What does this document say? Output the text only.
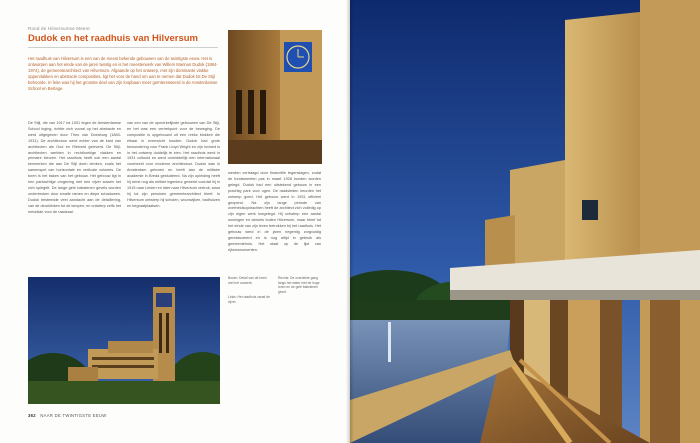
Rond de Hilversumse Meent
Dudok en het raadhuis van Hilversum
Het raadhuis van Hilversum is een van de meest bekende gebouwen van de twintigste eeuw. Het is ontworpen aan het einde van de jaren twintig en is het meesterwerk van Willem Marinus Dudok (1884-1974), de gemeentearchitect van Hilversum. Afgaande op het ontwerp, met zijn dominante vlakke oppervlakken en abstracte composities, ligt het voor de hand om aan te nemen dat Dudok tot De Stijl behoorde. In feite was hij het grootste deel van zijn loopbaan meer geïnteresseerd in de Amsterdamse School en Berlage.
De Stijl, die van 1917 tot 1931 tegen de Amsterdamse School inging, richtte zich vooral op het abstracte en werd uitgegeven door Theo van Doesburg (1883-1931). De architectuur werd echter van de kant van architecten als Oud en Rietveld geleverd. De Stijl-architecten werkten in rechthoekige vlakken en primaire kleuren. Het raadhuis heeft ook een aantal kenmerken die aan De Stijl doen denken, zoals het samenspel van horizontale en verticale volumes. De toren is het baken van het gebouw. Het gebouw ligt in een parkachtige omgeving met een vijver waarin het zich spiegelt. De lange gele bakstenen gevels worden onderbroken door smalle ramen en diepe schaduwen. Dudok besteedde veel aandacht aan de detaillering, van de deurklinken tot de lampen, en ontwierp zelfs het meubilair voor de raadzaal.
van een van de opmerkelijkste gebouwen van De Stijl, en het was een vertrekpunt voor de beweging. De compositie is opgebouwd uit een reeks blokken die elkaar in evenwicht houden. Dudok had grote bewondering voor Frank Lloyd Wright en zijn invloed is in het ontwerp duidelijk te zien. Het raadhuis werd in 1931 voltooid en werd onmiddellijk een internationaal voorbeeld voor moderne architectuur. Dudok was in Amsterdam geboren en heeft aan de militaire academie in Breda gestudeerd. Na zijn opleiding heeft hij eerst nog als militair ingenieur gewerkt voordat hij in 1915 naar Leiden en later naar Hilversum vertrok, waar hij tot zijn pensioen gemeentearchitect bleef. In Hilversum ontwierp hij scholen, woonwijken, badhuizen en begraafplaatsen.
Boven: Detail van de toren met het uurwerk.
Links: Het raadhuis vanaf de vijver.
Rechts: De overdekte gang langs het water met de hoge toren en de gele bakstenen gevel.
werden vertraagd door financiële tegenslagen, zodat de fundamenten pas in maart 1928 konden worden gelegd. Dudok had een uitstekend gebouw in een prachtig park voor ogen. De raadsleden keurden het ontwerp goed. Het gebouw werd in 1931 officieel geopend. Na zijn lange periode van overheidsopdrachten heeft de architect zich volledig op zijn eigen werk toegelegd. Hij ontwierp een aantal woningen en winkels buiten Hilversum, maar bleef tot het einde van zijn leven betrokken bij het raadhuis. Het gebouw werd in de jaren negentig zorgvuldig gerestaureerd en is nog altijd in gebruik als gemeentehuis. Het staat op de lijst van rijksmonumenten.
362 NAAR DE TWINTIGSTE EEUW
